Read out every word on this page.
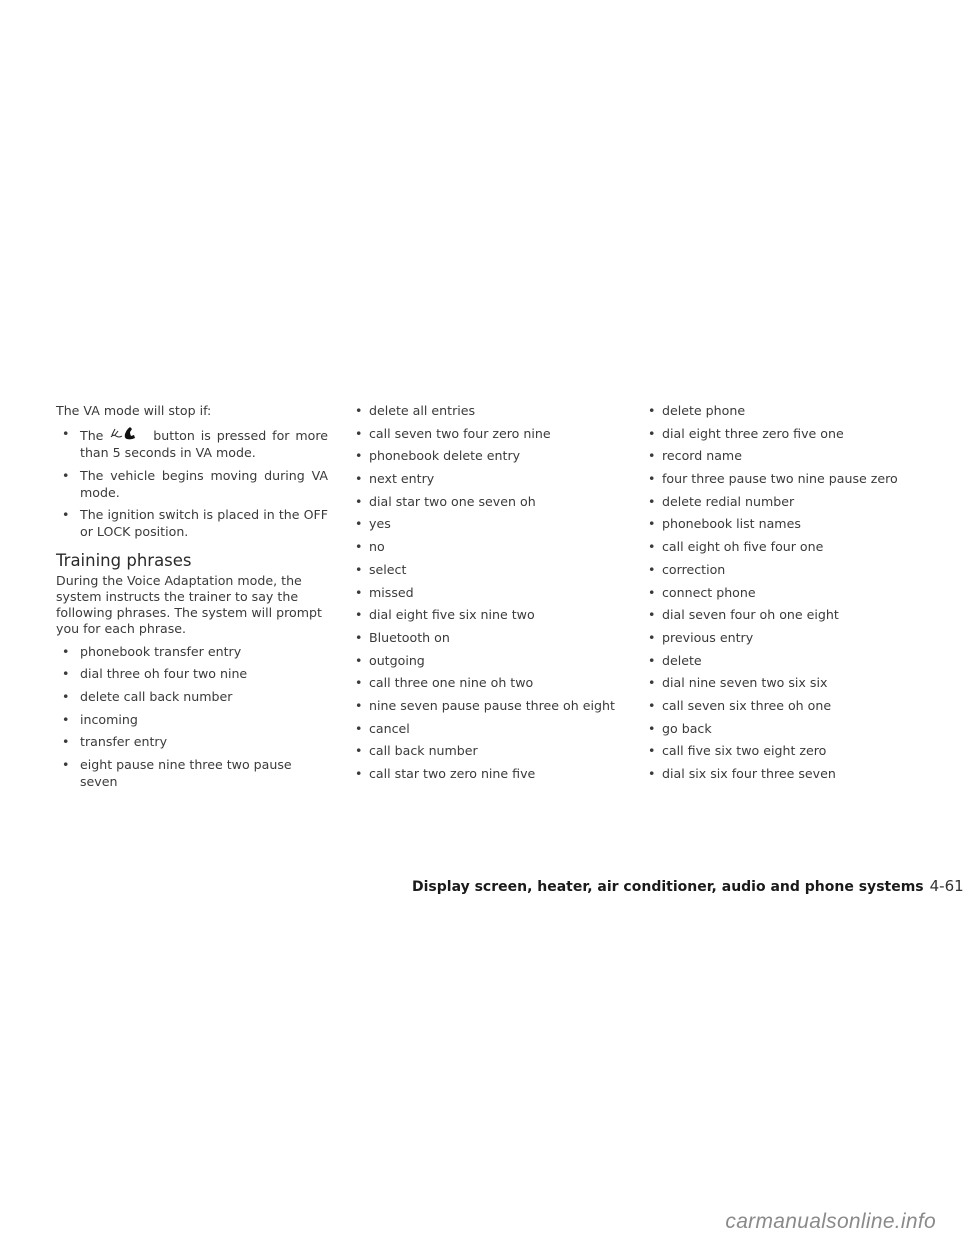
The VA mode will stop if:

• The	button is pressed for more than 5 seconds in VA mode.
• The vehicle begins moving during VA mode.
• The ignition switch is placed in the OFF or LOCK position.
Training phrases

During the Voice Adaptation mode, the system instructs the trainer to say the following phrases. The system will prompt you for each phrase.

• phonebook transfer entry
• dial three oh four two nine
• delete call back number
• incoming
• transfer entry
• eight pause nine three two pause seven
• delete all entries
• call seven two four zero nine
• phonebook delete entry
• next entry
• dial star two one seven oh
• yes
• no
• select
• missed
• dial eight five six nine two
• Bluetooth on
• outgoing
• call three one nine oh two
• nine seven pause pause three oh eight
• cancel
• call back number
• call star two zero nine five
• delete phone
• dial eight three zero five one
• record name
• four three pause two nine pause zero
• delete redial number
• phonebook list names
• call eight oh five four one
• correction
• connect phone
• dial seven four oh one eight
• previous entry
• delete
• dial nine seven two six six
• call seven six three oh one
• go back
• call five six two eight zero
• dial six six four three seven
Display screen, heater, air conditioner, audio and phone systems 4-61
carmanualsonline.info
